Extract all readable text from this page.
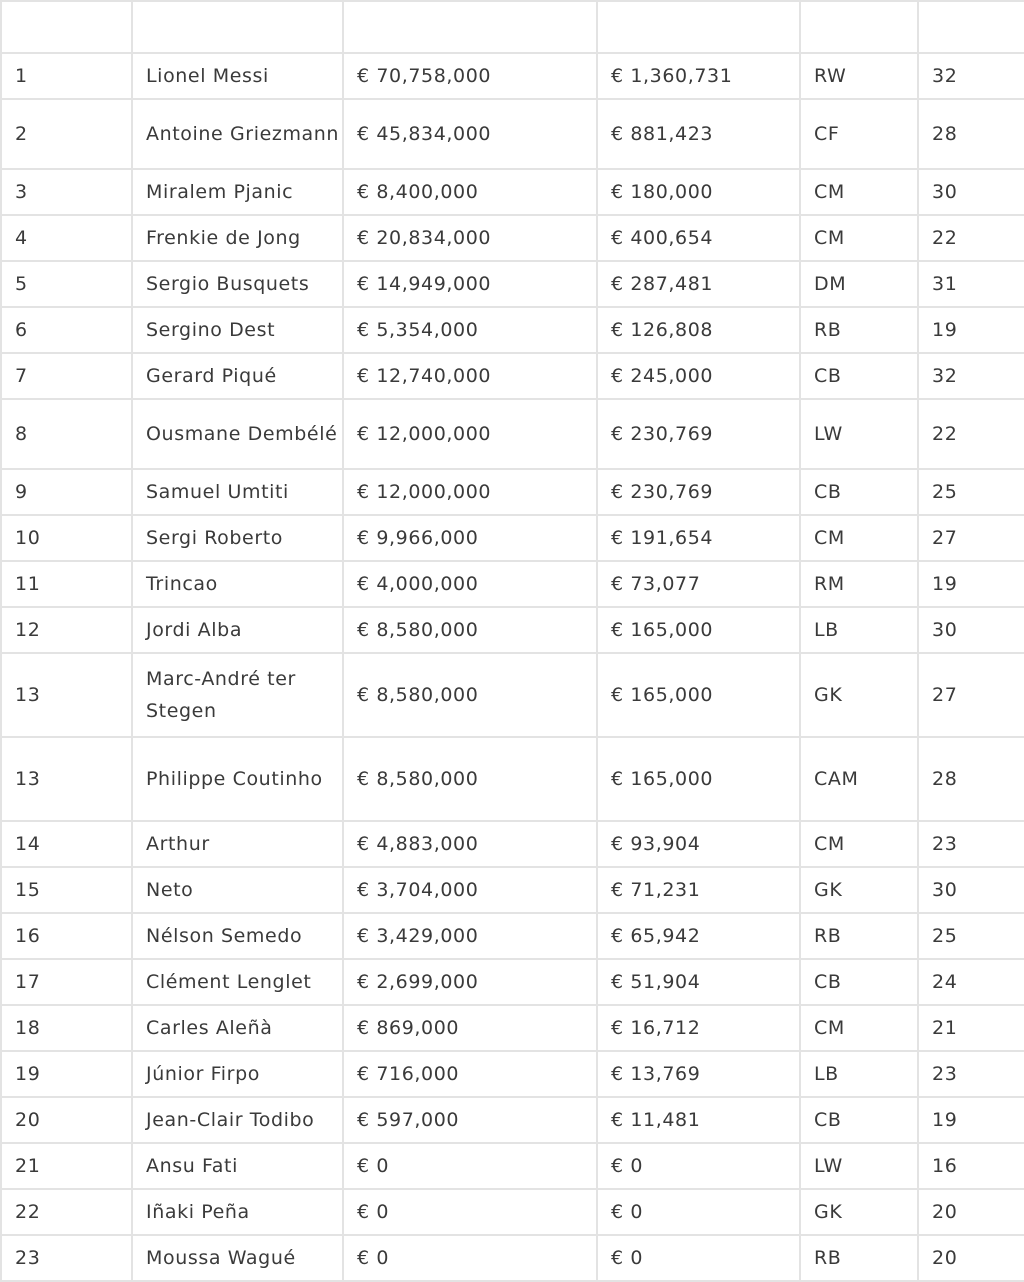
1	Lionel Messi	€ 70,758,000	€ 1,360,731	RW	32
2	Antoine Griezmann	€ 45,834,000	€ 881,423	CF	28
3	Miralem Pjanic	€ 8,400,000	€ 180,000	CM	30
4	Frenkie de Jong	€ 20,834,000	€ 400,654	CM	22
5	Sergio Busquets	€ 14,949,000	€ 287,481	DM	31
6	Sergino Dest	€ 5,354,000	€ 126,808	RB	19
7	Gerard Piqué	€ 12,740,000	€ 245,000	CB	32
8	Ousmane Dembélé	€ 12,000,000	€ 230,769	LW	22
9	Samuel Umtiti	€ 12,000,000	€ 230,769	CB	25
10	Sergi Roberto	€ 9,966,000	€ 191,654	CM	27
11	Trincao	€ 4,000,000	€ 73,077	RM	19
12	Jordi Alba	€ 8,580,000	€ 165,000	LB	30
13	Marc-André ter Stegen	€ 8,580,000	€ 165,000	GK	27
13	Philippe Coutinho	€ 8,580,000	€ 165,000	CAM	28
14	Arthur	€ 4,883,000	€ 93,904	CM	23
15	Neto	€ 3,704,000	€ 71,231	GK	30
16	Nélson Semedo	€ 3,429,000	€ 65,942	RB	25
17	Clément Lenglet	€ 2,699,000	€ 51,904	CB	24
18	Carles Aleñà	€ 869,000	€ 16,712	CM	21
19	Júnior Firpo	€ 716,000	€ 13,769	LB	23
20	Jean-Clair Todibo	€ 597,000	€ 11,481	CB	19
21	Ansu Fati	€ 0	€ 0	LW	16
22	Iñaki Peña	€ 0	€ 0	GK	20
23	Moussa Wagué	€ 0	€ 0	RB	20
